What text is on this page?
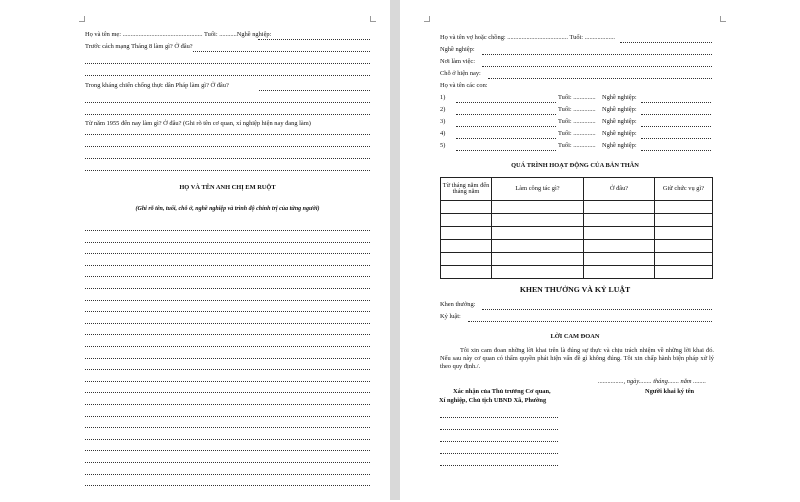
Họ và tên mẹ: .................................................. Tuổi: ...........Nghề nghiệp:
Trước cách mạng Tháng 8 làm gì? Ở đâu?
Trong kháng chiến chống thực dân Pháp làm gì? Ở đâu?
Từ năm 1955 đến nay làm gì? Ở đâu? (Ghi rõ tên cơ quan, xí nghiệp hiện nay đang làm)
HỌ VÀ TÊN ANH CHỊ EM RUỘT
(Ghi rõ tên, tuổi, chỗ ở, nghề nghiệp và trình độ chính trị của từng người)
Họ và tên vợ hoặc chồng: ...................................... Tuổi: ...................
Nghề nghiệp:
Nơi làm việc:
Chỗ ở hiện nay:
Họ và tên các con:
1)	Tuổi: .............. Nghề nghiệp:
2)	Tuổi: .............. Nghề nghiệp:
3)	Tuổi: .............. Nghề nghiệp:
4)	Tuổi: .............. Nghề nghiệp:
5)	Tuổi: .............. Nghề nghiệp:
QUÁ TRÌNH HOẠT ĐỘNG CỦA BẢN THÂN
Từ tháng năm đến tháng năm	Làm công tác gì?	Ở đâu?	Giữ chức vụ gì?

KHEN THƯỞNG VÀ KỶ LUẬT
Khen thưởng:
Kỷ luật:
LỜI CAM ĐOAN
Tôi xin cam đoan những lời khai trên là đúng sự thực và chịu trách nhiệm về những lời khai đó. Nếu sau này cơ quan có thẩm quyền phát hiện vấn đề gì không đúng. Tôi xin chấp hành biện pháp xử lý theo quy định./.
................, ngày........ tháng....... năm ........
Xác nhận của Thủ trưởng Cơ quan,
Xí nghiệp, Chủ tịch UBND Xã, Phường
Người khai ký tên
